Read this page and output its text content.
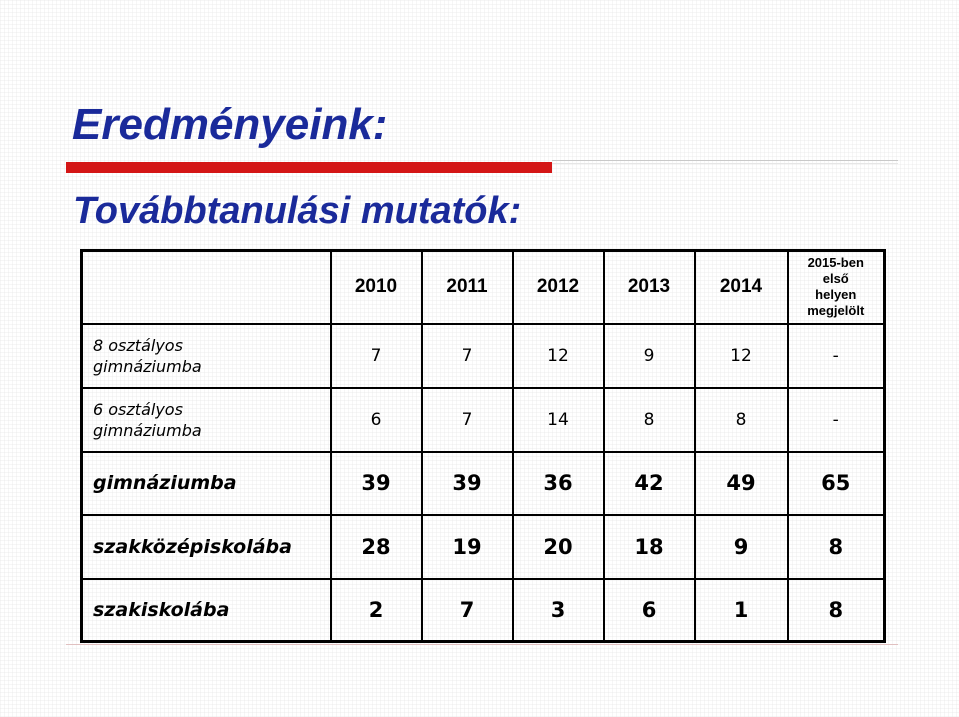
Eredményeink:
Továbbtanulási mutatók:
	2010	2011	2012	2013	2014	2015-ben
első
helyen
megjelölt

8 osztályos
gimnáziumba	7	7	12	9	12	-

6 osztályos
gimnáziumba	6	7	14	8	8	-
gimnáziumba	39	39	36	42	49	65
szakközépiskolába	28	19	20	18	9	8
szakiskolába	2	7	3	6	1	8
